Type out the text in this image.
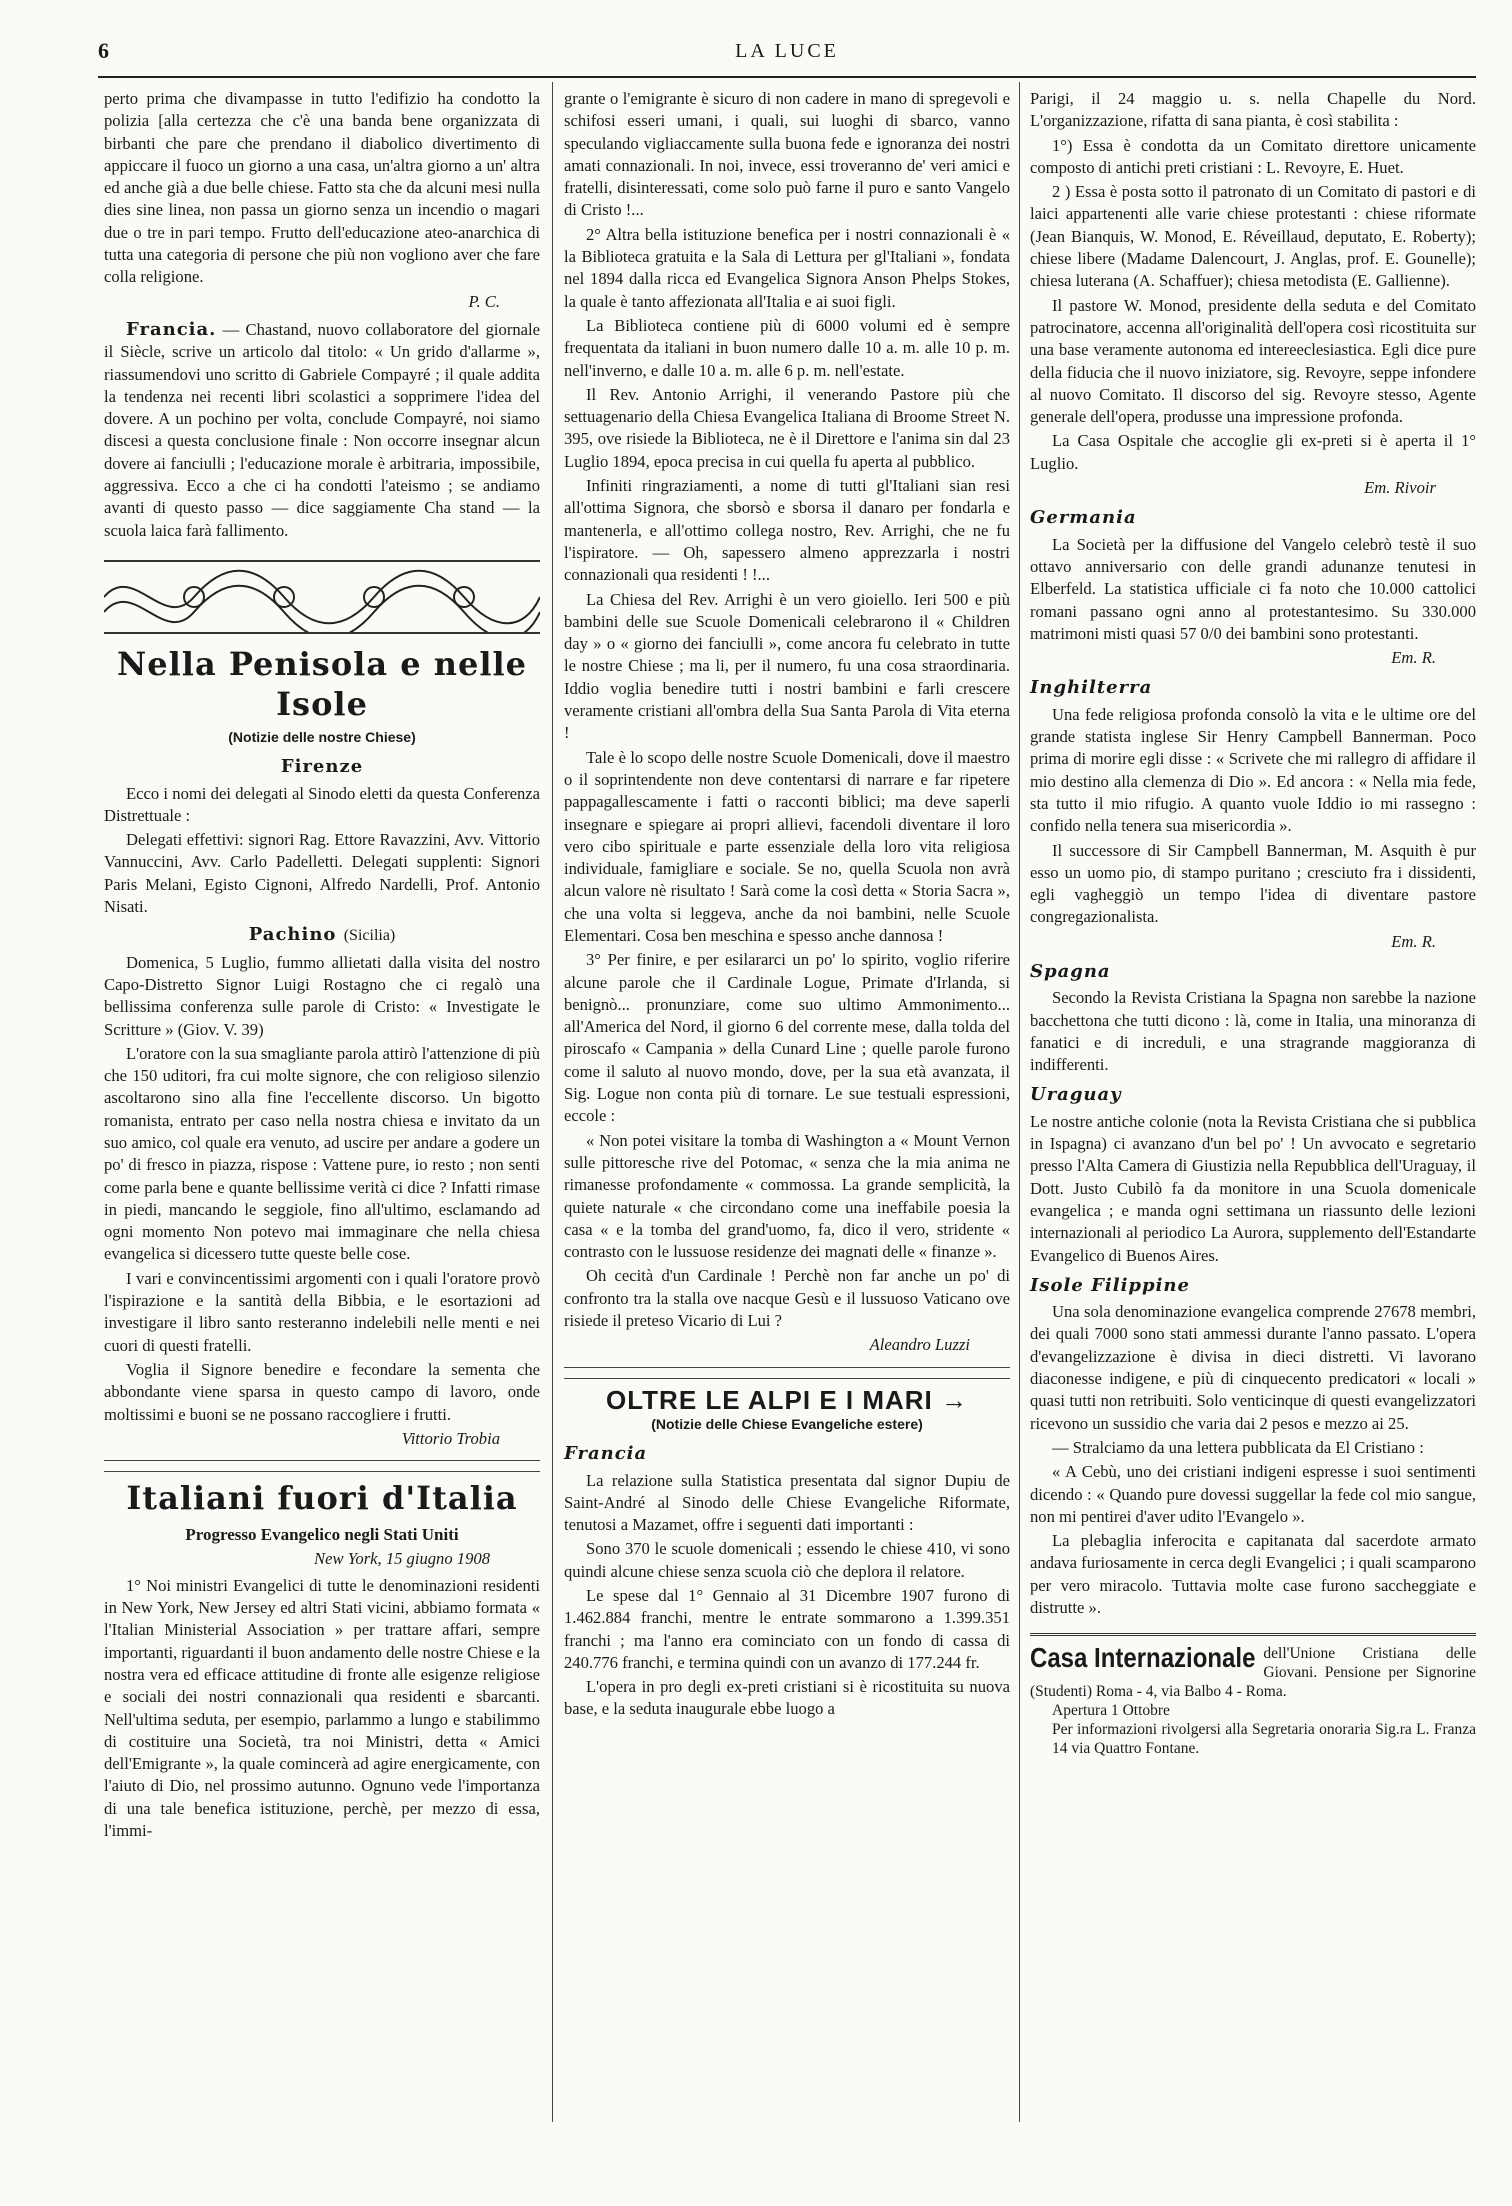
6	LA LUCE

perto prima che divampasse in tutto l'edifizio ha condotto la polizia [alla certezza che c'è una banda bene organizzata di birbanti che pare che prendano il diabolico divertimento di appiccare il fuoco un giorno a una casa, un'altra giorno a un' altra ed anche già a due belle chiese. Fatto sta che da alcuni mesi nulla dies sine linea, non passa un giorno senza un incendio o magari due o tre in pari tempo. Frutto dell'educazione ateo-anarchica di tutta una categoria di persone che più non vogliono aver che fare colla religione.

P. C.

Francia. — Chastand, nuovo collaboratore del giornale il Siècle, scrive un articolo dal titolo: « Un grido d'allarme », riassumendovi uno scritto di Gabriele Compayré ; il quale addita la tendenza nei recenti libri scolastici a sopprimere l'idea del dovere. A un pochino per volta, conclude Compayré, noi siamo discesi a questa conclusione finale : Non occorre insegnar alcun dovere ai fanciulli ; l'educazione morale è arbitraria, impossibile, aggressiva. Ecco a che ci ha condotti l'ateismo ; se andiamo avanti di questo passo — dice saggiamente Cha stand — la scuola laica farà fallimento.

Nella Penisola e nelle Isole
(Notizie delle nostre Chiese)
Firenze

Ecco i nomi dei delegati al Sinodo eletti da questa Conferenza Distrettuale :

Delegati effettivi: signori Rag. Ettore Ravazzini, Avv. Vittorio Vannuccini, Avv. Carlo Padelletti. Delegati supplenti: Signori Paris Melani, Egisto Cignoni, Alfredo Nardelli, Prof. Antonio Nisati.

Pachino (Sicilia)

Domenica, 5 Luglio, fummo allietati dalla visita del nostro Capo-Distretto Signor Luigi Rostagno che ci regalò una bellissima conferenza sulle parole di Cristo: « Investigate le Scritture » (Giov. V. 39)

L'oratore con la sua smagliante parola attirò l'attenzione di più che 150 uditori, fra cui molte signore, che con religioso silenzio ascoltarono sino alla fine l'eccellente discorso. Un bigotto romanista, entrato per caso nella nostra chiesa e invitato da un suo amico, col quale era venuto, ad uscire per andare a godere un po' di fresco in piazza, rispose : Vattene pure, io resto ; non senti come parla bene e quante bellissime verità ci dice ? Infatti rimase in piedi, mancando le seggiole, fino all'ultimo, esclamando ad ogni momento Non potevo mai immaginare che nella chiesa evangelica si dicessero tutte queste belle cose.

I vari e convincentissimi argomenti con i quali l'oratore provò l'ispirazione e la santità della Bibbia, e le esortazioni ad investigare il libro santo resteranno indelebili nelle menti e nei cuori di questi fratelli.

Voglia il Signore benedire e fecondare la sementa che abbondante viene sparsa in questo campo di lavoro, onde moltissimi e buoni se ne possano raccogliere i frutti.

Vittorio Trobia
Italiani fuori d'Italia
Progresso Evangelico negli Stati Uniti
New York, 15 giugno 1908

1° Noi ministri Evangelici di tutte le denominazioni residenti in New York, New Jersey ed altri Stati vicini, abbiamo formata « l'Italian Ministerial Association » per trattare affari, sempre importanti, riguardanti il buon andamento delle nostre Chiese e la nostra vera ed efficace attitudine di fronte alle esigenze religiose e sociali dei nostri connazionali qua residenti e sbarcanti. Nell'ultima seduta, per esempio, parlammo a lungo e stabilimmo di costituire una Società, tra noi Ministri, detta « Amici dell'Emigrante », la quale comincerà ad agire energicamente, con l'aiuto di Dio, nel prossimo autunno. Ognuno vede l'importanza di una tale benefica istituzione, perchè, per mezzo di essa, l'immi-

grante o l'emigrante è sicuro di non cadere in mano di spregevoli e schifosi esseri umani, i quali, sui luoghi di sbarco, vanno speculando vigliaccamente sulla buona fede e ignoranza dei nostri amati connazionali. In noi, invece, essi troveranno de' veri amici e fratelli, disinteressati, come solo può farne il puro e santo Vangelo di Cristo !...

2° Altra bella istituzione benefica per i nostri connazionali è « la Biblioteca gratuita e la Sala di Lettura per gl'Italiani », fondata nel 1894 dalla ricca ed Evangelica Signora Anson Phelps Stokes, la quale è tanto affezionata all'Italia e ai suoi figli.

La Biblioteca contiene più di 6000 volumi ed è sempre frequentata da italiani in buon numero dalle 10 a. m. alle 10 p. m. nell'inverno, e dalle 10 a. m. alle 6 p. m. nell'estate.

Il Rev. Antonio Arrighi, il venerando Pastore più che settuagenario della Chiesa Evangelica Italiana di Broome Street N. 395, ove risiede la Biblioteca, ne è il Direttore e l'anima sin dal 23 Luglio 1894, epoca precisa in cui quella fu aperta al pubblico.

Infiniti ringraziamenti, a nome di tutti gl'Italiani sian resi all'ottima Signora, che sborsò e sborsa il danaro per fondarla e mantenerla, e all'ottimo collega nostro, Rev. Arrighi, che ne fu l'ispiratore. — Oh, sapessero almeno apprezzarla i nostri connazionali qua residenti ! !...

La Chiesa del Rev. Arrighi è un vero gioiello. Ieri 500 e più bambini delle sue Scuole Domenicali celebrarono il « Children day » o « giorno dei fanciulli », come ancora fu celebrato in tutte le nostre Chiese ; ma li, per il numero, fu una cosa straordinaria. Iddio voglia benedire tutti i nostri bambini e farli crescere veramente cristiani all'ombra della Sua Santa Parola di Vita eterna !

Tale è lo scopo delle nostre Scuole Domenicali, dove il maestro o il soprintendente non deve contentarsi di narrare e far ripetere pappagallescamente i fatti o racconti biblici; ma deve saperli insegnare e spiegare ai propri allievi, facendoli diventare il loro vero cibo spirituale e parte essenziale della loro vita religiosa individuale, famigliare e sociale. Se no, quella Scuola non avrà alcun valore nè risultato ! Sarà come la così detta « Storia Sacra », che una volta si leggeva, anche da noi bambini, nelle Scuole Elementari. Cosa ben meschina e spesso anche dannosa !

3° Per finire, e per esilararci un po' lo spirito, voglio riferire alcune parole che il Cardinale Logue, Primate d'Irlanda, si benignò... pronunziare, come suo ultimo Ammonimento... all'America del Nord, il giorno 6 del corrente mese, dalla tolda del piroscafo « Campania » della Cunard Line ; quelle parole furono come il saluto al nuovo mondo, dove, per la sua età avanzata, il Sig. Logue non conta più di tornare. Le sue testuali espressioni, eccole :

« Non potei visitare la tomba di Washington a « Mount Vernon sulle pittoresche rive del Potomac, « senza che la mia anima ne rimanesse profondamente « commossa. La grande semplicità, la quiete naturale « che circondano come una ineffabile poesia la casa « e la tomba del grand'uomo, fa, dico il vero, stridente « contrasto con le lussuose residenze dei magnati delle « finanze ».

Oh cecità d'un Cardinale ! Perchè non far anche un po' di confronto tra la stalla ove nacque Gesù e il lussuoso Vaticano ove risiede il preteso Vicario di Lui ?

Aleandro Luzzi
OLTRE LE ALPI E I MARI →
(Notizie delle Chiese Evangeliche estere)
Francia

La relazione sulla Statistica presentata dal signor Dupiu de Saint-André al Sinodo delle Chiese Evangeliche Riformate, tenutosi a Mazamet, offre i seguenti dati importanti :

Sono 370 le scuole domenicali ; essendo le chiese 410, vi sono quindi alcune chiese senza scuola ciò che deplora il relatore.

Le spese dal 1° Gennaio al 31 Dicembre 1907 furono di 1.462.884 franchi, mentre le entrate sommarono a 1.399.351 franchi ; ma l'anno era cominciato con un fondo di cassa di 240.776 franchi, e termina quindi con un avanzo di 177.244 fr.

L'opera in pro degli ex-preti cristiani si è ricostituita su nuova base, e la seduta inaugurale ebbe luogo a

Parigi, il 24 maggio u. s. nella Chapelle du Nord. L'organizzazione, rifatta di sana pianta, è così stabilita :

1°) Essa è condotta da un Comitato direttore unicamente composto di antichi preti cristiani : L. Revoyre, E. Huet.

2 ) Essa è posta sotto il patronato di un Comitato di pastori e di laici appartenenti alle varie chiese protestanti : chiese riformate (Jean Bianquis, W. Monod, E. Réveillaud, deputato, E. Roberty); chiese libere (Madame Dalencourt, J. Anglas, prof. E. Gounelle); chiesa luterana (A. Schaffuer); chiesa metodista (E. Gallienne).

Il pastore W. Monod, presidente della seduta e del Comitato patrocinatore, accenna all'originalità dell'opera così ricostituita sur una base veramente autonoma ed intereeclesiastica. Egli dice pure della fiducia che il nuovo iniziatore, sig. Revoyre, seppe infondere al nuovo Comitato. Il discorso del sig. Revoyre stesso, Agente generale dell'opera, produsse una impressione profonda.

La Casa Ospitale che accoglie gli ex-preti si è aperta il 1° Luglio.

Em. Rivoir
Germania

La Società per la diffusione del Vangelo celebrò testè il suo ottavo anniversario con delle grandi adunanze tenutesi in Elberfeld. La statistica ufficiale ci fa noto che 10.000 cattolici romani passano ogni anno al protestantesimo. Su 330.000 matrimoni misti quasi 57 0/0 dei bambini sono protestanti.

Em. R.
Inghilterra

Una fede religiosa profonda consolò la vita e le ultime ore del grande statista inglese Sir Henry Campbell Bannerman. Poco prima di morire egli disse : « Scrivete che mi rallegro di affidare il mio destino alla clemenza di Dio ». Ed ancora : « Nella mia fede, sta tutto il mio rifugio. A quanto vuole Iddio io mi rassegno : confido nella tenera sua misericordia ».

Il successore di Sir Campbell Bannerman, M. Asquith è pur esso un uomo pio, di stampo puritano ; cresciuto fra i dissidenti, egli vagheggiò un tempo l'idea di diventare pastore congregazionalista.

Em. R.
Spagna

Secondo la Revista Cristiana la Spagna non sarebbe la nazione bacchettona che tutti dicono : là, come in Italia, una minoranza di fanatici e di increduli, e una stragrande maggioranza di indifferenti.

Uraguay

Le nostre antiche colonie (nota la Revista Cristiana che si pubblica in Ispagna) ci avanzano d'un bel po' ! Un avvocato e segretario presso l'Alta Camera di Giustizia nella Repubblica dell'Uraguay, il Dott. Justo Cubilò fa da monitore in una Scuola domenicale evangelica ; e manda ogni settimana un riassunto delle lezioni internazionali al periodico La Aurora, supplemento dell'Estandarte Evangelico di Buenos Aires.

Isole Filippine

Una sola denominazione evangelica comprende 27678 membri, dei quali 7000 sono stati ammessi durante l'anno passato. L'opera d'evangelizzazione è divisa in dieci distretti. Vi lavorano diaconesse indigene, e più di cinquecento predicatori « locali » quasi tutti non retribuiti. Solo venticinque di questi evangelizzatori ricevono un sussidio che varia dai 2 pesos e mezzo ai 25.

— Stralciamo da una lettera pubblicata da El Cristiano :

« A Cebù, uno dei cristiani indigeni espresse i suoi sentimenti dicendo : « Quando pure dovessi suggellar la fede col mio sangue, non mi pentirei d'aver udito l'Evangelo ».

La plebaglia inferocita e capitanata dal sacerdote armato andava furiosamente in cerca degli Evangelici ; i quali scamparono per vero miracolo. Tuttavia molte case furono saccheggiate e distrutte ».

Casa Internazionale dell'Unione Cristiana delle Giovani. Pensione per Signorine (Studenti) Roma - 4, via Balbo 4 - Roma.
Apertura 1 Ottobre
Per informazioni rivolgersi alla Segretaria onoraria Sig.ra L. Franza 14 via Quattro Fontane.
